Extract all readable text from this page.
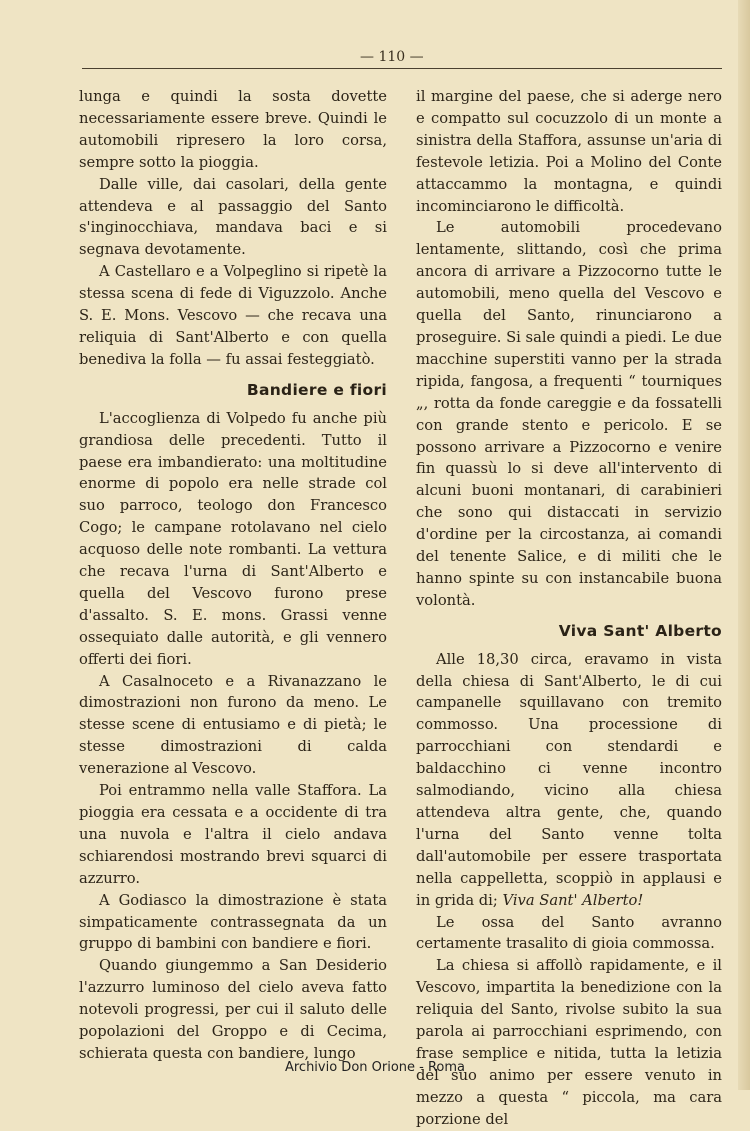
— 110 —

lunga e quindi la sosta dovette necessariamente essere breve. Quindi le automobili ripresero la loro corsa, sempre sotto la pioggia.

Dalle ville, dai casolari, della gente attendeva e al passaggio del Santo s'inginocchiava, mandava baci e si segnava devotamente.

A Castellaro e a Volpeglino si ripetè la stessa scena di fede di Viguzzolo. Anche S. E. Mons. Vescovo — che recava una reliquia di Sant'Alberto e con quella benediva la folla — fu assai festeggiatò.

Bandiere e fiori

L'accoglienza di Volpedo fu anche più grandiosa delle precedenti. Tutto il paese era imbandierato: una moltitudine enorme di popolo era nelle strade col suo parroco, teologo don Francesco Cogo; le campane rotolavano nel cielo acquoso delle note rombanti. La vettura che recava l'urna di Sant'Alberto e quella del Vescovo furono prese d'assalto. S. E. mons. Grassi venne ossequiato dalle autorità, e gli vennero offerti dei fiori.

A Casalnoceto e a Rivanazzano le dimostrazioni non furono da meno. Le stesse scene di entusiamo e di pietà; le stesse dimostrazioni di calda venerazione al Vescovo.

Poi entrammo nella valle Staffora. La pioggia era cessata e a occidente di tra una nuvola e l'altra il cielo andava schiarendosi mostrando brevi squarci di azzurro.

A Godiasco la dimostrazione è stata simpaticamente contrassegnata da un gruppo di bambini con bandiere e fiori.

Quando giungemmo a San Desiderio l'azzurro luminoso del cielo aveva fatto notevoli progressi, per cui il saluto delle popolazioni del Groppo e di Cecima, schierata questa con bandiere, lungo

il margine del paese, che si aderge nero e compatto sul cocuzzolo di un monte a sinistra della Staffora, assunse un'aria di festevole letizia. Poi a Molino del Conte attaccammo la montagna, e quindi incominciarono le difficoltà.

Le automobili procedevano lentamente, slittando, così che prima ancora di arrivare a Pizzocorno tutte le automobili, meno quella del Vescovo e quella del Santo, rinunciarono a proseguire. Si sale quindi a piedi. Le due macchine superstiti vanno per la strada ripida, fangosa, a frequenti “ tourniques „, rotta da fonde careggie e da fossatelli con grande stento e pericolo. E se possono arrivare a Pizzocorno e venire fin quassù lo si deve all'intervento di alcuni buoni montanari, di carabinieri che sono qui distaccati in servizio d'ordine per la circostanza, ai comandi del tenente Salice, e di militi che le hanno spinte su con instancabile buona volontà.

Viva Sant' Alberto

Alle 18,30 circa, eravamo in vista della chiesa di Sant'Alberto, le di cui campanelle squillavano con tremito commosso. Una processione di parrocchiani con stendardi e baldacchino ci venne incontro salmodiando, vicino alla chiesa attendeva altra gente, che, quando l'urna del Santo venne tolta dall'automobile per essere trasportata nella cappelletta, scoppiò in applausi e in grida di; Viva Sant' Alberto!

Le ossa del Santo avranno certamente trasalito di gioia commossa.

La chiesa si affollò rapidamente, e il Vescovo, impartita la benedizione con la reliquia del Santo, rivolse subito la sua parola ai parrocchiani esprimendo, con frase semplice e nitida, tutta la letizia del suo animo per essere venuto in mezzo a questa “ piccola, ma cara porzione del

Archivio Don Orione - Roma
